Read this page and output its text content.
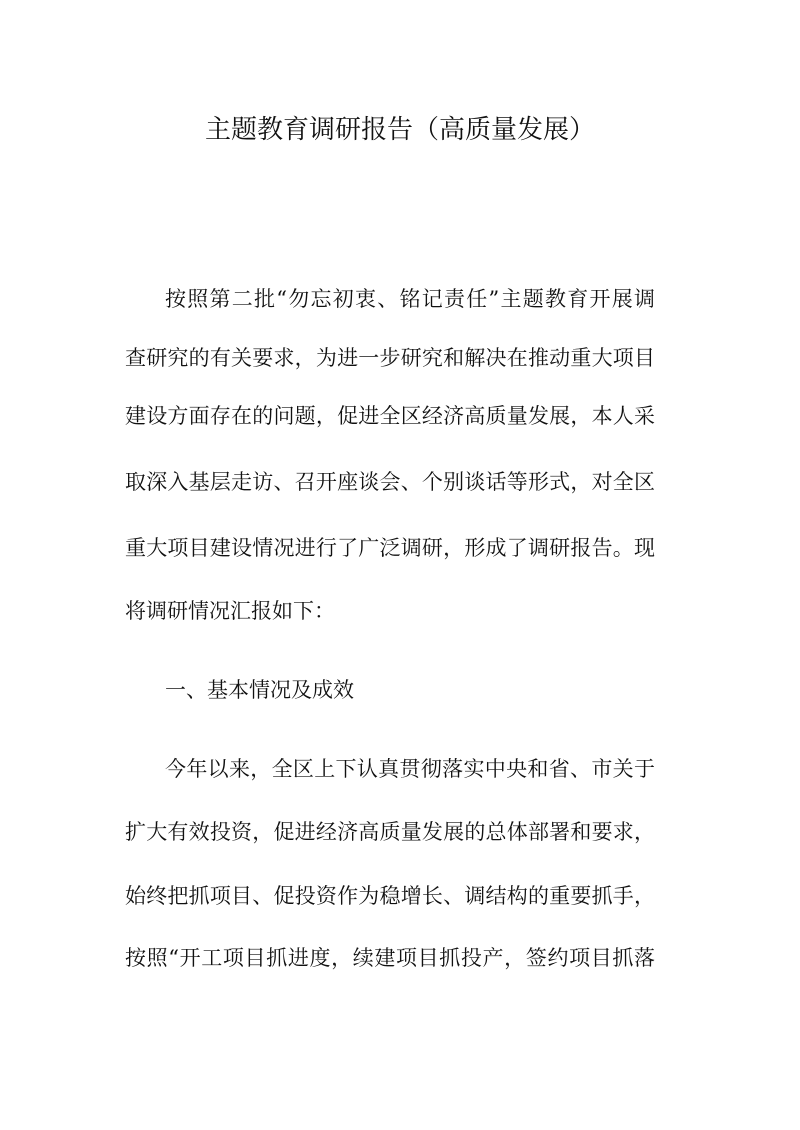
主题教育调研报告（高质量发展）

按照第二批“勿忘初衷、铭记责任”主题教育开展调

查研究的有关要求，为进一步研究和解决在推动重大项目

建设方面存在的问题，促进全区经济高质量发展，本人采

取深入基层走访、召开座谈会、个别谈话等形式，对全区

重大项目建设情况进行了广泛调研，形成了调研报告。现

将调研情况汇报如下：

一、基本情况及成效

今年以来，全区上下认真贯彻落实中央和省、市关于

扩大有效投资，促进经济高质量发展的总体部署和要求，

始终把抓项目、促投资作为稳增长、调结构的重要抓手，

按照“开工项目抓进度，续建项目抓投产，签约项目抓落
